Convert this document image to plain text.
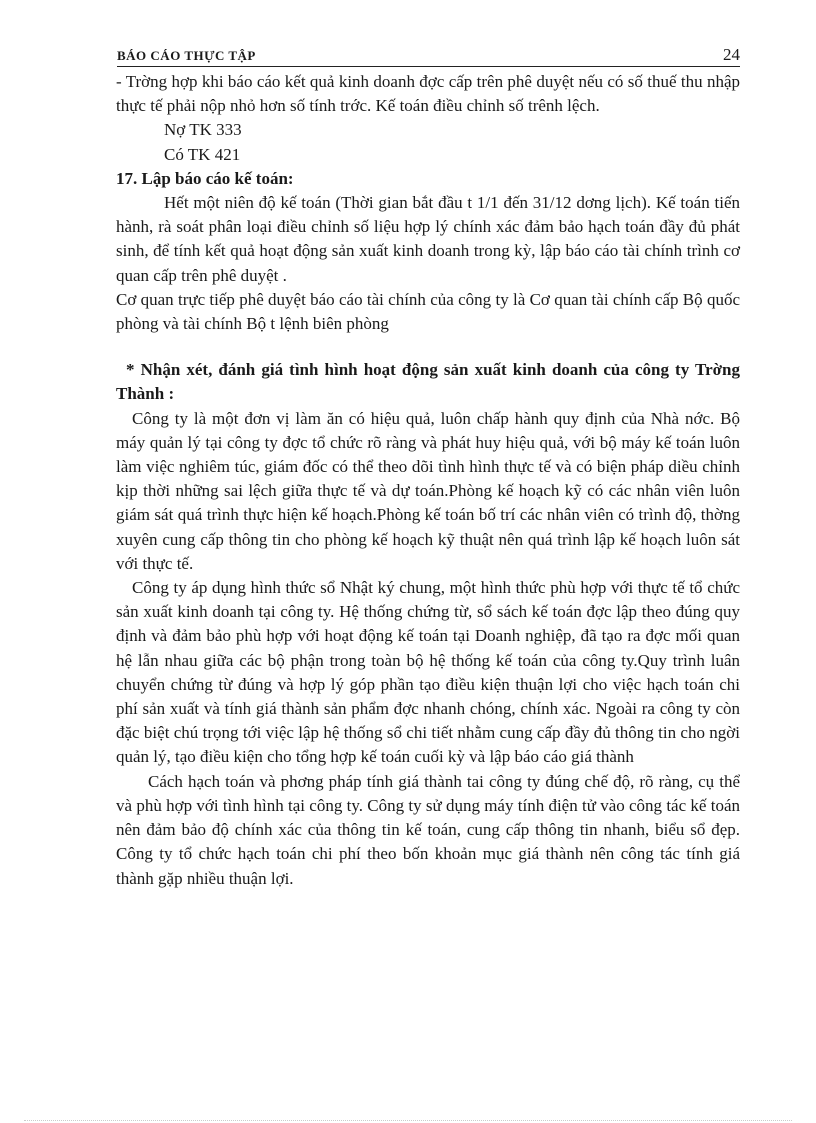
BÁO CÁO THỰC TẬP	24

- Trờng hợp khi báo cáo kết quả kinh doanh đợc cấp trên phê duyệt nếu có số thuế thu nhập thực tế phải nộp nhỏ hơn số tính trớc. Kế toán điều chỉnh số trênh lệch.

Nợ TK 333

Có TK 421

17. Lập báo cáo kế toán:

Hết một niên độ kế toán (Thời gian bắt đầu t 1/1 đến 31/12 dơng lịch). Kế toán tiến hành, rà soát phân loại điều chỉnh số liệu hợp lý chính xác đảm bảo hạch toán đầy đủ phát sinh, để tính kết quả hoạt động sản xuất kinh doanh trong kỳ, lập báo cáo tài chính trình cơ quan cấp trên phê duyệt .

Cơ quan trực tiếp phê duyệt báo cáo tài chính của công ty là Cơ quan tài chính cấp Bộ quốc phòng và tài chính Bộ t lệnh biên phòng

* Nhận xét, đánh giá tình hình hoạt động sản xuất kinh doanh của công ty Trờng Thành :

Công ty là một đơn vị làm ăn có hiệu quả, luôn chấp hành quy định của Nhà nớc. Bộ máy quản lý tại công ty đợc tổ chức rõ ràng và phát huy hiệu quả, với bộ máy kế toán luôn làm việc nghiêm túc, giám đốc có thể theo dõi tình hình thực tế và có biện pháp diều chỉnh kịp thời những sai lệch giữa thực tế và dự toán.Phòng kế hoạch kỹ có các nhân viên luôn giám sát quá trình thực hiện kế hoạch.Phòng kế toán bố trí các nhân viên có trình độ, thờng xuyên cung cấp thông tin cho phòng kế hoạch kỹ thuật nên quá trình lập kế hoạch luôn sát với thực tế.

Công ty áp dụng hình thức sổ Nhật ký chung, một hình thức phù hợp với thực tế tổ chức sản xuất kinh doanh tại công ty. Hệ thống chứng từ, sổ sách kế toán đợc lập theo đúng quy định và đảm bảo phù hợp với hoạt động kế toán tại Doanh nghiệp, đã tạo ra đợc mối quan hệ lẫn nhau giữa các bộ phận trong toàn bộ hệ thống kế toán của công ty.Quy trình luân chuyển chứng từ đúng và hợp lý góp phần tạo điều kiện thuận lợi cho việc hạch toán chi phí sản xuất và tính giá thành sản phẩm đợc nhanh chóng, chính xác. Ngoài ra công ty còn đặc biệt chú trọng tới việc lập hệ thống sổ chi tiết nhằm cung cấp đầy đủ thông tin cho ngời quản lý, tạo điều kiện cho tổng hợp kế toán cuối kỳ và lập báo cáo giá thành

Cách hạch toán và phơng pháp tính giá thành tai công ty đúng chế độ, rõ ràng, cụ thể và phù hợp với tình hình tại công ty. Công ty sử dụng máy tính điện tử vào công tác kế toán nên đảm bảo độ chính xác của thông tin kế toán, cung cấp thông tin nhanh, biểu sổ đẹp. Công ty tổ chức hạch toán chi phí theo bốn khoản mục giá thành nên công tác tính giá thành gặp nhiều thuận lợi.
